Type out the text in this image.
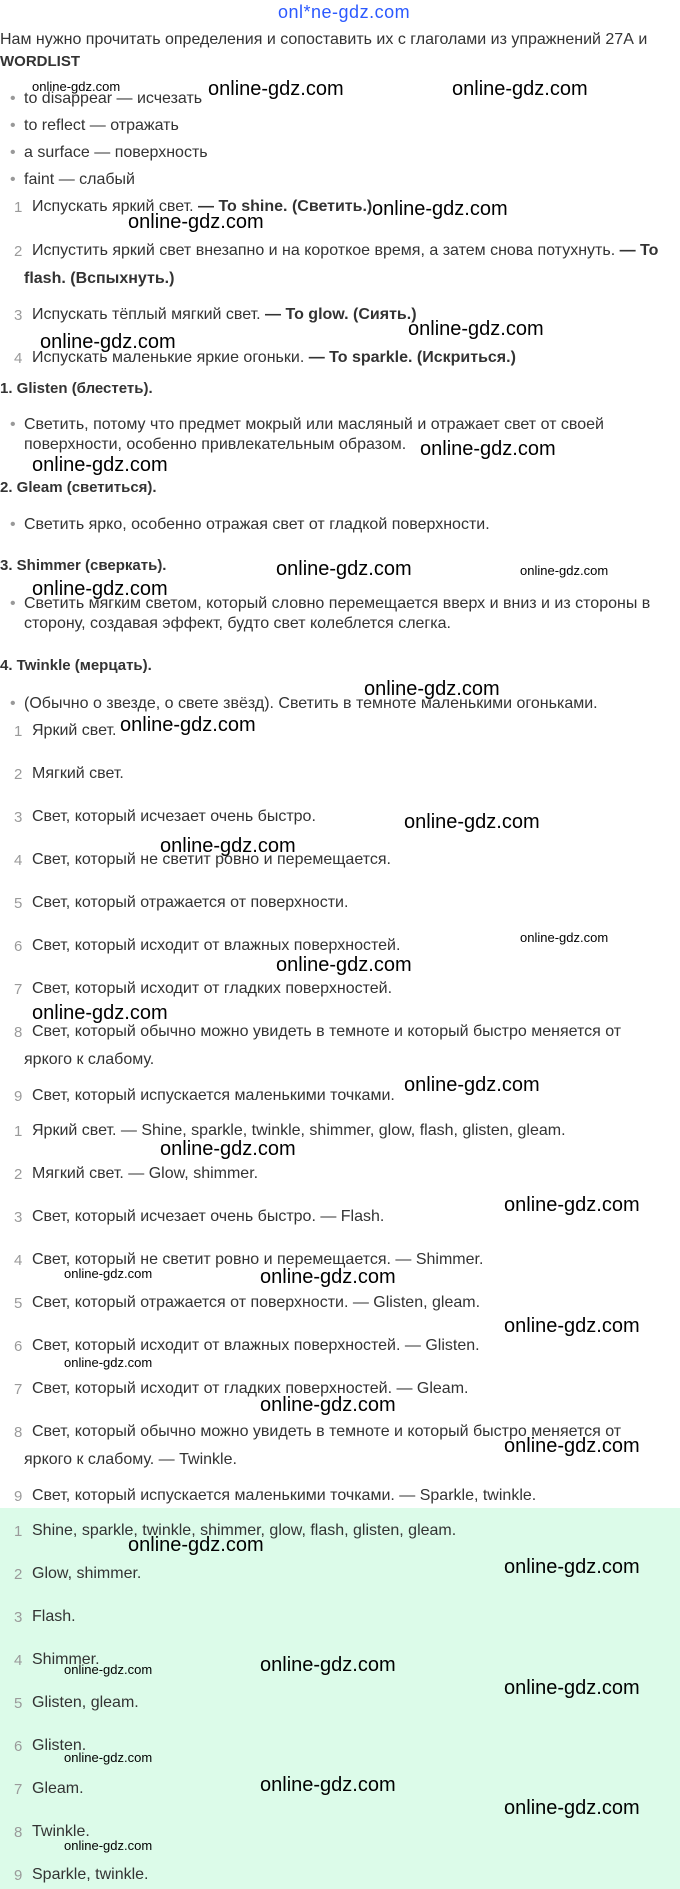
onl*ne-gdz.com
Нам нужно прочитать определения и сопоставить их с глаголами из упражнений 27А и
WORDLIST
• to disappear — исчезать
• to reflect — отражать
• a surface — поверхность
• faint — слабый
1 Испускать яркий свет. — To shine. (Светить.)
2 Испустить яркий свет внезапно и на короткое время, а затем снова потухнуть. — To
flash. (Вспыхнуть.)
3 Испускать тёплый мягкий свет. — To glow. (Сиять.)
4 Испускать маленькие яркие огоньки. — To sparkle. (Искриться.)
1. Glisten (блестеть).
• Светить, потому что предмет мокрый или масляный и отражает свет от своей
поверхности, особенно привлекательным образом.
2. Gleam (светиться).
• Светить ярко, особенно отражая свет от гладкой поверхности.
3. Shimmer (сверкать).
• Светить мягким светом, который словно перемещается вверх и вниз и из стороны в
сторону, создавая эффект, будто свет колеблется слегка.
4. Twinkle (мерцать).
• (Обычно о звезде, о свете звёзд). Светить в темноте маленькими огоньками.
1 Яркий свет.
2 Мягкий свет.
3 Свет, который исчезает очень быстро.
4 Свет, который не светит ровно и перемещается.
5 Свет, который отражается от поверхности.
6 Свет, который исходит от влажных поверхностей.
7 Свет, который исходит от гладких поверхностей.
8 Свет, который обычно можно увидеть в темноте и который быстро меняется от
яркого к слабому.
9 Свет, который испускается маленькими точками.
1 Яркий свет. — Shine, sparkle, twinkle, shimmer, glow, flash, glisten, gleam.
2 Мягкий свет. — Glow, shimmer.
3 Свет, который исчезает очень быстро. — Flash.
4 Свет, который не светит ровно и перемещается. — Shimmer.
5 Свет, который отражается от поверхности. — Glisten, gleam.
6 Свет, который исходит от влажных поверхностей. — Glisten.
7 Свет, который исходит от гладких поверхностей. — Gleam.
8 Свет, который обычно можно увидеть в темноте и который быстро меняется от
яркого к слабому. — Twinkle.
9 Свет, который испускается маленькими точками. — Sparkle, twinkle.
1 Shine, sparkle, twinkle, shimmer, glow, flash, glisten, gleam.
2 Glow, shimmer.
3 Flash.
4 Shimmer.
5 Glisten, gleam.
6 Glisten.
7 Gleam.
8 Twinkle.
9 Sparkle, twinkle.
online-gdz.com	online-gdz.com	online-gdz.com
online-gdz.com
online-gdz.com
online-gdz.com
online-gdz.com
online-gdz.com
online-gdz.com
online-gdz.com	online-gdz.com
online-gdz.com
online-gdz.com
online-gdz.com
online-gdz.com
online-gdz.com
online-gdz.com
online-gdz.com
online-gdz.com
online-gdz.com
online-gdz.com
online-gdz.com
online-gdz.com	online-gdz.com
online-gdz.com
online-gdz.com
online-gdz.com
online-gdz.com
online-gdz.com
online-gdz.com
online-gdz.com	online-gdz.com
online-gdz.com
online-gdz.com
online-gdz.com
online-gdz.com
online-gdz.com
